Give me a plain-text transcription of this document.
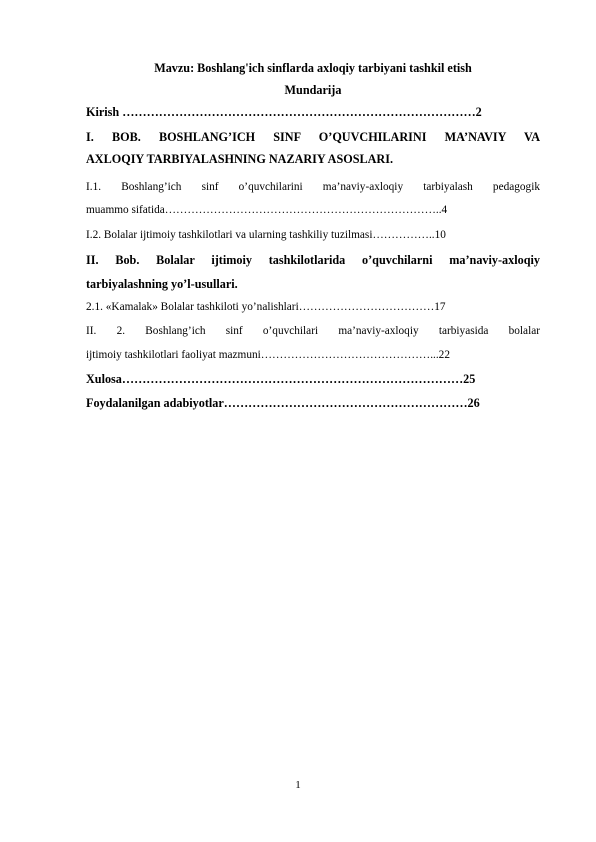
Mavzu: Boshlang'ich sinflarda axloqiy tarbiyani tashkil etish
Mundarija
Kirish ……………………………………………………………………………2
I. BOB. BOSHLANG’ICH SINF O’QUVCHILARINI MA’NAVIY VA
AXLOQIY TARBIYALASHNING NAZARIY ASOSLARI.
I.1. Boshlang’ich sinf o’quvchilarini ma’naviy-axloqiy tarbiyalash pedagogik
muammo sifatida………………………………………………………………..4
I.2. Bolalar ijtimoiy tashkilotlari va ularning tashkiliy tuzilmasi……………..10
II. Bob. Bolalar ijtimoiy tashkilotlarida o’quvchilarni ma’naviy-axloqiy
tarbiyalashning yo’l-usullari.
2.1. «Kamalak» Bolalar tashkiloti yo’nalishlari………………………………17
II. 2. Boshlang’ich sinf o’quvchilari ma’naviy-axloqiy tarbiyasida bolalar
ijtimoiy tashkilotlari faoliyat mazmuni………………………………………...22
Xulosa…………………………………………………………………………25
Foydalanilgan adabiyotlar……………………………………………………26
1
